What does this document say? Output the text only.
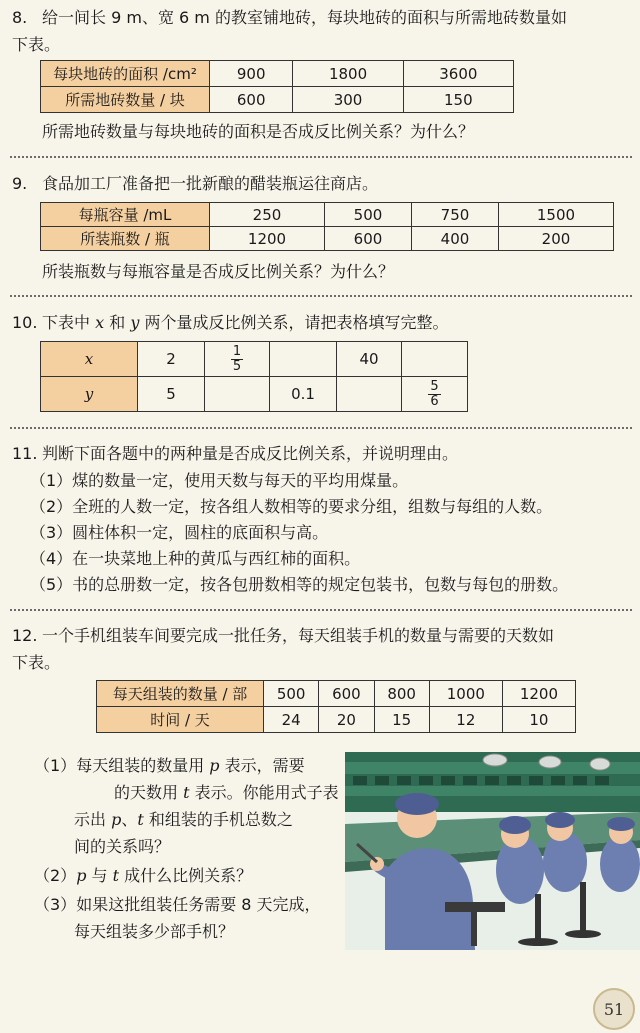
8. 给一间长 9 m、宽 6 m 的教室铺地砖，每块地砖的面积与所需地砖数量如
下表。
每块地砖的面积 /cm²	900	1800	3600
所需地砖数量 / 块	600	300	150
所需地砖数量与每块地砖的面积是否成反比例关系？为什么？
9. 食品加工厂准备把一批新酿的醋装瓶运往商店。
每瓶容量 /mL	250	500	750	1500
所装瓶数 / 瓶	1200	600	400	200
所装瓶数与每瓶容量是否成反比例关系？为什么？
10. 下表中 x 和 y 两个量成反比例关系，请把表格填写完整。
x	2	$\frac{1}{5}$		40	
y	5		0.1		$\frac{5}{6}$
11. 判断下面各题中的两种量是否成反比例关系，并说明理由。
（1）煤的数量一定，使用天数与每天的平均用煤量。
（2）全班的人数一定，按各组人数相等的要求分组，组数与每组的人数。
（3）圆柱体积一定，圆柱的底面积与高。
（4）在一块菜地上种的黄瓜与西红柿的面积。
（5）书的总册数一定，按各包册数相等的规定包装书，包数与每包的册数。
12. 一个手机组装车间要完成一批任务，每天组装手机的数量与需要的天数如
下表。
每天组装的数量 / 部	500	600	800	1000	1200
时间 / 天	24	20	15	12	10
（1）每天组装的数量用 p 表示，需要
的天数用 t 表示。你能用式子表
示出 p、t 和组装的手机总数之
间的关系吗？
（2）p 与 t 成什么比例关系？
（3）如果这批组装任务需要 8 天完成，
每天组装多少部手机？
51
